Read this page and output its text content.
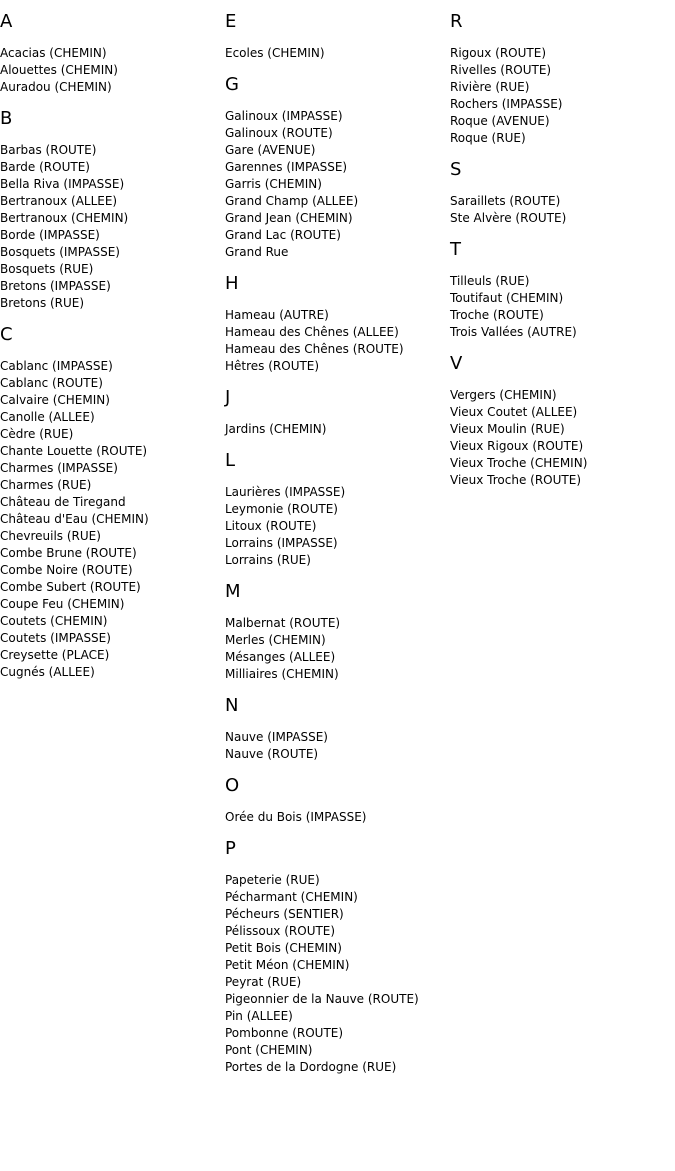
A
Acacias (CHEMIN)
Alouettes (CHEMIN)
Auradou (CHEMIN)
B
Barbas (ROUTE)
Barde (ROUTE)
Bella Riva (IMPASSE)
Bertranoux (ALLEE)
Bertranoux (CHEMIN)
Borde (IMPASSE)
Bosquets (IMPASSE)
Bosquets (RUE)
Bretons (IMPASSE)
Bretons (RUE)
C
Cablanc (IMPASSE)
Cablanc (ROUTE)
Calvaire (CHEMIN)
Canolle (ALLEE)
Cèdre (RUE)
Chante Louette (ROUTE)
Charmes (IMPASSE)
Charmes (RUE)
Château de Tiregand
Château d'Eau (CHEMIN)
Chevreuils (RUE)
Combe Brune (ROUTE)
Combe Noire (ROUTE)
Combe Subert (ROUTE)
Coupe Feu (CHEMIN)
Coutets (CHEMIN)
Coutets (IMPASSE)
Creysette (PLACE)
Cugnés (ALLEE)
E
Ecoles (CHEMIN)
G
Galinoux (IMPASSE)
Galinoux (ROUTE)
Gare (AVENUE)
Garennes (IMPASSE)
Garris (CHEMIN)
Grand Champ (ALLEE)
Grand Jean (CHEMIN)
Grand Lac (ROUTE)
Grand Rue
H
Hameau (AUTRE)
Hameau des Chênes (ALLEE)
Hameau des Chênes (ROUTE)
Hêtres (ROUTE)
J
Jardins (CHEMIN)
L
Laurières (IMPASSE)
Leymonie (ROUTE)
Litoux (ROUTE)
Lorrains (IMPASSE)
Lorrains (RUE)
M
Malbernat (ROUTE)
Merles (CHEMIN)
Mésanges (ALLEE)
Milliaires (CHEMIN)
N
Nauve (IMPASSE)
Nauve (ROUTE)
O
Orée du Bois (IMPASSE)
P
Papeterie (RUE)
Pécharmant (CHEMIN)
Pécheurs (SENTIER)
Pélissoux (ROUTE)
Petit Bois (CHEMIN)
Petit Méon (CHEMIN)
Peyrat (RUE)
Pigeonnier de la Nauve (ROUTE)
Pin (ALLEE)
Pombonne (ROUTE)
Pont (CHEMIN)
Portes de la Dordogne (RUE)
R
Rigoux (ROUTE)
Rivelles (ROUTE)
Rivière (RUE)
Rochers (IMPASSE)
Roque (AVENUE)
Roque (RUE)
S
Saraillets (ROUTE)
Ste Alvère (ROUTE)
T
Tilleuls (RUE)
Toutifaut (CHEMIN)
Troche (ROUTE)
Trois Vallées (AUTRE)
V
Vergers (CHEMIN)
Vieux Coutet (ALLEE)
Vieux Moulin (RUE)
Vieux Rigoux (ROUTE)
Vieux Troche (CHEMIN)
Vieux Troche (ROUTE)
